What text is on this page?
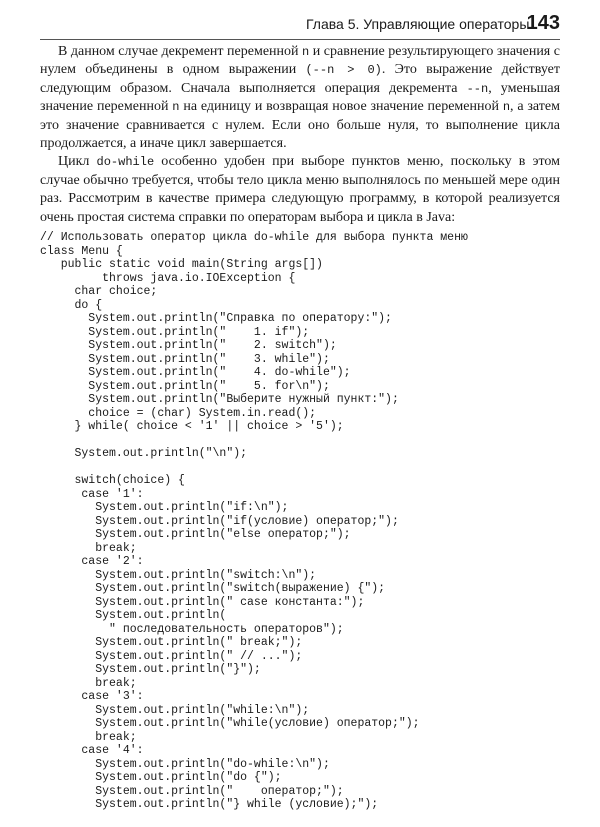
Глава 5. Управляющие операторы
143

В данном случае декремент переменной n и сравнение результирующего значения с нулем объединены в одном выражении (--n > 0). Это выражение действует следующим образом. Сначала выполняется операция декремента --n, уменьшая значение переменной n на единицу и возвращая новое значение переменной n, а затем это значение сравнивается с нулем. Если оно больше нуля, то выполнение цикла продолжается, а иначе цикл завершается.

Цикл do-while особенно удобен при выборе пунктов меню, поскольку в этом случае обычно требуется, чтобы тело цикла меню выполнялось по меньшей мере один раз. Рассмотрим в качестве примера следующую программу, в которой реализуется очень простая система справки по операторам выбора и цикла в Java:

// Использовать оператор цикла do-while для выбора пункта меню
class Menu {
public static void main(String args[])
throws java.io.IOException {
char choice;
do {
System.out.println("Справка по оператору:");
System.out.println("    1. if");
System.out.println("    2. switch");
System.out.println("    3. while");
System.out.println("    4. do-while");
System.out.println("    5. for\n");
System.out.println("Выберите нужный пункт:");
choice = (char) System.in.read();
} while( choice < '1' || choice > '5');
System.out.println("\n");
switch(choice) {
case '1':
System.out.println("if:\n");
System.out.println("if(условие) оператор;");
System.out.println("else оператор;");
break;
case '2':
System.out.println("switch:\n");
System.out.println("switch(выражение) {");
System.out.println(" case константа:");
System.out.println(
" последовательность операторов");
System.out.println(" break;");
System.out.println(" // ...");
System.out.println("}");
break;
case '3':
System.out.println("while:\n");
System.out.println("while(условие) оператор;");
break;
case '4':
System.out.println("do-while:\n");
System.out.println("do {");
System.out.println("    оператор;");
System.out.println("} while (условие);");
